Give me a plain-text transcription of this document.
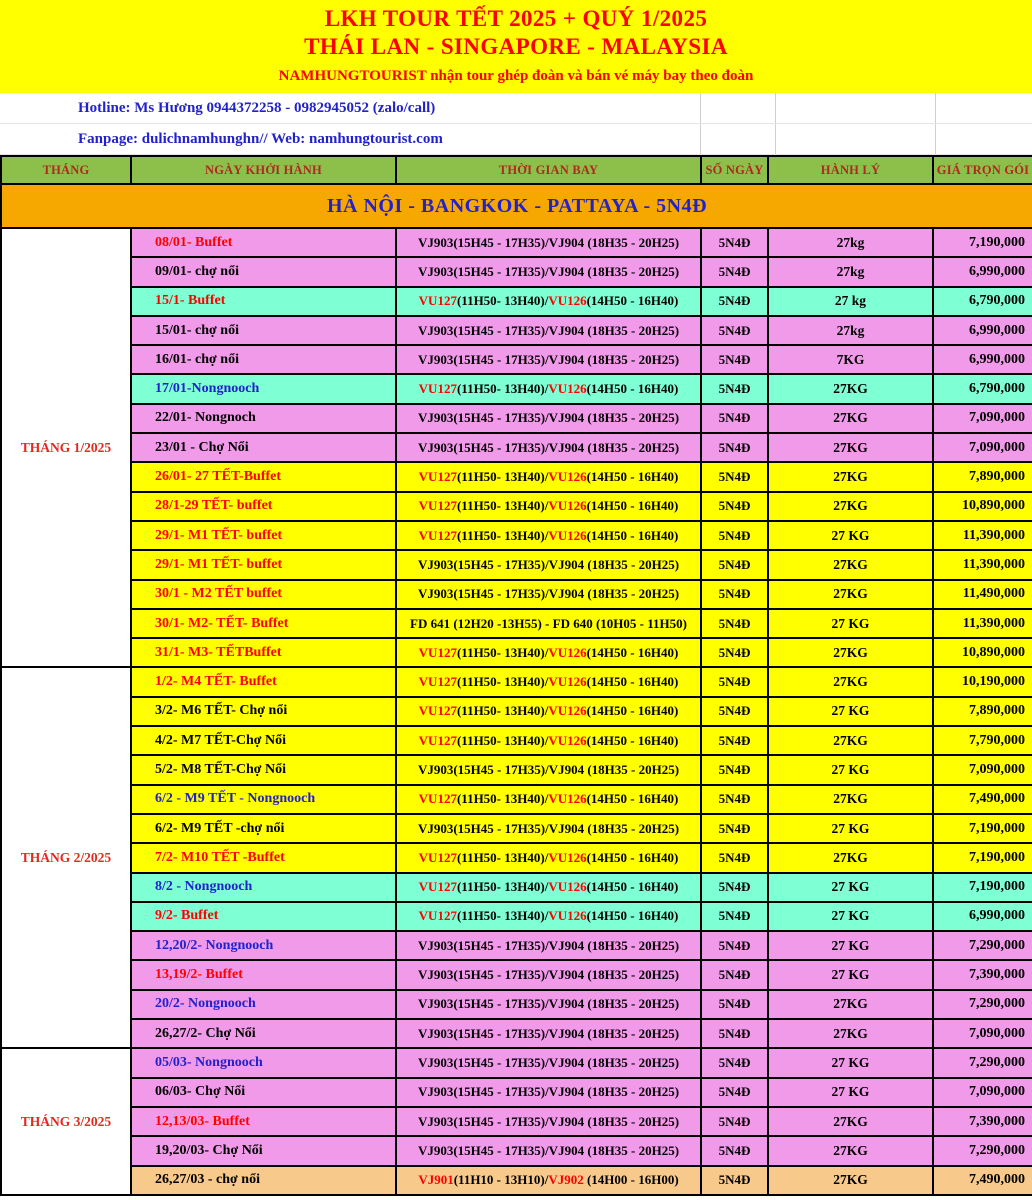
LKH TOUR TẾT 2025 + QUÝ 1/2025
THÁI LAN - SINGAPORE - MALAYSIA
NAMHUNGTOURIST nhận tour ghép đoàn và bán vé máy bay theo đoàn
Hotline: Ms Hương 0944372258 - 0982945052 (zalo/call)
Fanpage: dulichnamhunghn// Web: namhungtourist.com
THÁNG	NGÀY KHỞI HÀNH	THỜI GIAN BAY	SỐ NGÀY	HÀNH LÝ	GIÁ TRỌN GÓI
HÀ NỘI - BANGKOK - PATTAYA - 5N4Đ					
THÁNG 1/2025	08/01- Buffet	VJ903(15H45 - 17H35)/VJ904 (18H35 - 20H25)	5N4Đ	27kg	7,190,000
	09/01- chợ nổi	VJ903(15H45 - 17H35)/VJ904 (18H35 - 20H25)	5N4Đ	27kg	6,990,000
	15/1- Buffet	VU127(11H50- 13H40)/VU126(14H50 - 16H40)	5N4Đ	27 kg	6,790,000
	15/01- chợ nổi	VJ903(15H45 - 17H35)/VJ904 (18H35 - 20H25)	5N4Đ	27kg	6,990,000
	16/01- chợ nổi	VJ903(15H45 - 17H35)/VJ904 (18H35 - 20H25)	5N4Đ	7KG	6,990,000
	17/01-Nongnooch	VU127(11H50- 13H40)/VU126(14H50 - 16H40)	5N4Đ	27KG	6,790,000
	22/01- Nongnoch	VJ903(15H45 - 17H35)/VJ904 (18H35 - 20H25)	5N4Đ	27KG	7,090,000
	23/01 - Chợ Nổi	VJ903(15H45 - 17H35)/VJ904 (18H35 - 20H25)	5N4Đ	27KG	7,090,000
	26/01- 27 TẾT-Buffet	VU127(11H50- 13H40)/VU126(14H50 - 16H40)	5N4Đ	27KG	7,890,000
	28/1-29 TẾT- buffet	VU127(11H50- 13H40)/VU126(14H50 - 16H40)	5N4Đ	27KG	10,890,000
	29/1- M1 TẾT- buffet	VU127(11H50- 13H40)/VU126(14H50 - 16H40)	5N4Đ	27 KG	11,390,000
	29/1- M1 TẾT- buffet	VJ903(15H45 - 17H35)/VJ904 (18H35 - 20H25)	5N4Đ	27KG	11,390,000
	30/1 - M2 TẾT buffet	VJ903(15H45 - 17H35)/VJ904 (18H35 - 20H25)	5N4Đ	27KG	11,490,000
	30/1- M2- TẾT- Buffet	FD 641 (12H20 -13H55) - FD 640 (10H05 - 11H50)	5N4Đ	27 KG	11,390,000
	31/1- M3- TẾTBuffet	VU127(11H50- 13H40)/VU126(14H50 - 16H40)	5N4Đ	27KG	10,890,000
THÁNG 2/2025	1/2- M4 TẾT- Buffet	VU127(11H50- 13H40)/VU126(14H50 - 16H40)	5N4Đ	27KG	10,190,000
	3/2- M6 TẾT- Chợ nổi	VU127(11H50- 13H40)/VU126(14H50 - 16H40)	5N4Đ	27 KG	7,890,000
	4/2- M7 TẾT-Chợ Nổi	VU127(11H50- 13H40)/VU126(14H50 - 16H40)	5N4Đ	27KG	7,790,000
	5/2- M8 TẾT-Chợ Nổi	VJ903(15H45 - 17H35)/VJ904 (18H35 - 20H25)	5N4Đ	27 KG	7,090,000
	6/2 - M9 TẾT - Nongnooch	VU127(11H50- 13H40)/VU126(14H50 - 16H40)	5N4Đ	27KG	7,490,000
	6/2- M9 TẾT -chợ nổi	VJ903(15H45 - 17H35)/VJ904 (18H35 - 20H25)	5N4Đ	27 KG	7,190,000
	7/2- M10 TẾT -Buffet	VU127(11H50- 13H40)/VU126(14H50 - 16H40)	5N4Đ	27KG	7,190,000
	8/2 - Nongnooch	VU127(11H50- 13H40)/VU126(14H50 - 16H40)	5N4Đ	27 KG	7,190,000
	9/2- Buffet	VU127(11H50- 13H40)/VU126(14H50 - 16H40)	5N4Đ	27 KG	6,990,000
	12,20/2- Nongnooch	VJ903(15H45 - 17H35)/VJ904 (18H35 - 20H25)	5N4Đ	27 KG	7,290,000
	13,19/2- Buffet	VJ903(15H45 - 17H35)/VJ904 (18H35 - 20H25)	5N4Đ	27 KG	7,390,000
	20/2- Nongnooch	VJ903(15H45 - 17H35)/VJ904 (18H35 - 20H25)	5N4Đ	27KG	7,290,000
	26,27/2- Chợ Nổi	VJ903(15H45 - 17H35)/VJ904 (18H35 - 20H25)	5N4Đ	27KG	7,090,000
THÁNG 3/2025	05/03- Nongnooch	VJ903(15H45 - 17H35)/VJ904 (18H35 - 20H25)	5N4Đ	27 KG	7,290,000
	06/03- Chợ Nổi	VJ903(15H45 - 17H35)/VJ904 (18H35 - 20H25)	5N4Đ	27 KG	7,090,000
	12,13/03- Buffet	VJ903(15H45 - 17H35)/VJ904 (18H35 - 20H25)	5N4Đ	27KG	7,390,000
	19,20/03- Chợ Nổi	VJ903(15H45 - 17H35)/VJ904 (18H35 - 20H25)	5N4Đ	27KG	7,290,000
	26,27/03 - chợ nổi	VJ901(11H10 - 13H10)/VJ902 (14H00 - 16H00)	5N4Đ	27KG	7,490,000
